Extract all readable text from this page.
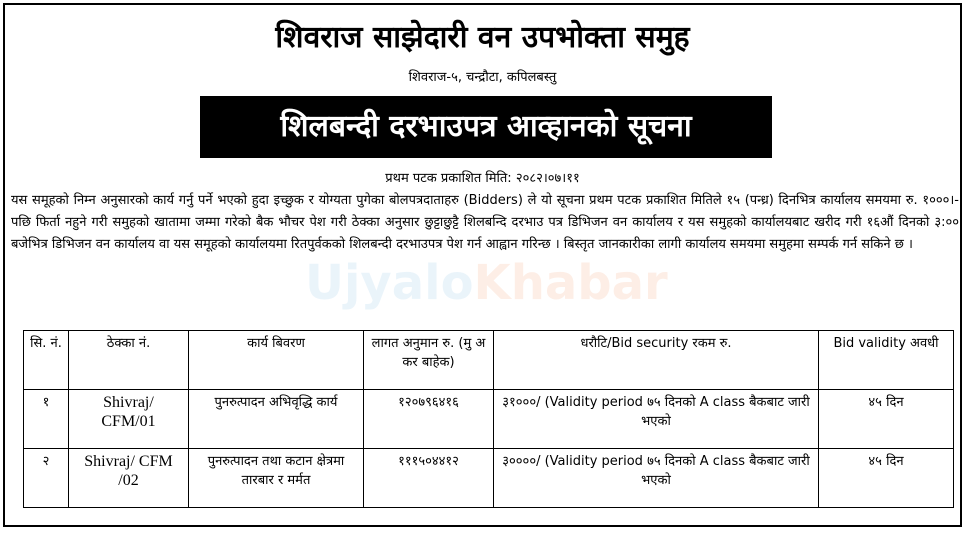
शिवराज साझेदारी वन उपभोक्ता समुह
शिवराज-५, चन्द्रौटा, कपिलबस्तु
शिलबन्दी दरभाउपत्र आव्हानको सूचना
प्रथम पटक प्रकाशित मिति: २०८२।०७।११
यस समूहको निम्न अनुसारको कार्य गर्नु पर्ने भएको हुदा इच्छुक र योग्यता पुगेका बोलपत्रदाताहरु (Bidders) ले यो सूचना प्रथम पटक प्रकाशित मितिले १५ (पन्ध्र) दिनभित्र कार्यालय समयमा रु. १०००।- पछि फिर्ता नहुने गरी समुहको खातामा जम्मा गरेको बैक भौचर पेश गरी ठेक्का अनुसार छुट्टाछुट्टै शिलबन्दि दरभाउ पत्र डिभिजन वन कार्यालय र यस समुहको कार्यालयबाट खरीद गरी १६औं दिनको ३:०० बजेभित्र डिभिजन वन कार्यालय वा यस समूहको कार्यालयमा रितपुर्वकको शिलबन्दी दरभाउपत्र पेश गर्न आह्वान गरिन्छ । बिस्तृत जानकारीका लागी कार्यालय समयमा समुहमा सम्पर्क गर्न सकिने छ ।
UjyaloKhabar
सि. नं.	ठेक्का नं.	कार्य बिवरण	लागत अनुमान रु. (मु अ कर बाहेक)	धरौटि/Bid security रकम रु.	Bid validity अवधी
१	Shivraj/ CFM/01	पुनरुत्पादन अभिवृद्धि कार्य	१२०७९६४१६	३१०००/ (Validity period ७५ दिनको A class बैकबाट जारी भएको	४५ दिन
२	Shivraj/ CFM /02	पुनरुत्पादन तथा कटान क्षेत्रमा तारबार र मर्मत	१११५०४४१२	३००००/ (Validity period ७५ दिनको A class बैकबाट जारी भएको	४५ दिन
